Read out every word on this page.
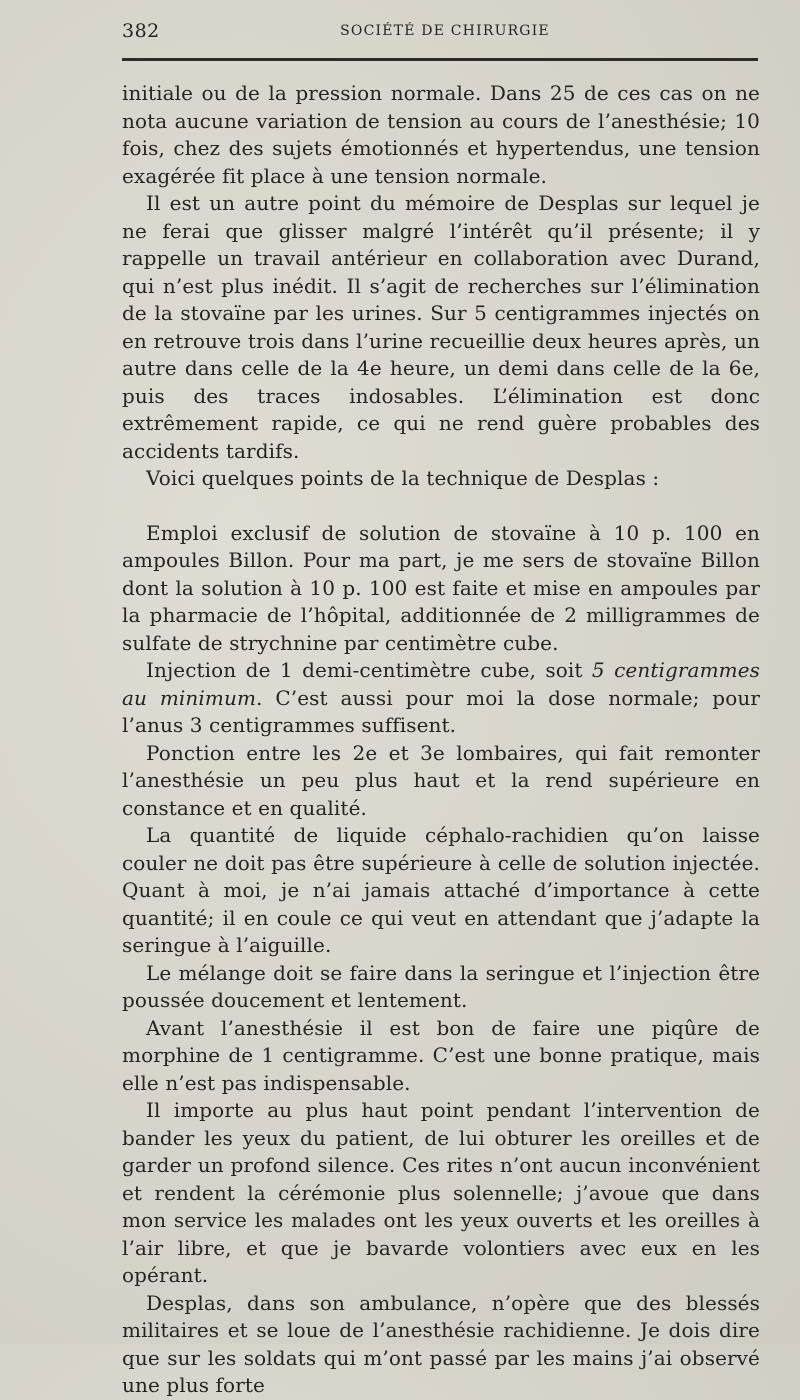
382	SOCIÉTÉ DE CHIRURGIE

initiale ou de la pression normale. Dans 25 de ces cas on ne nota aucune variation de tension au cours de l’anesthésie; 10 fois, chez des sujets émotionnés et hypertendus, une tension exagérée fit place à une tension normale.

Il est un autre point du mémoire de Desplas sur lequel je ne ferai que glisser malgré l’intérêt qu’il présente; il y rappelle un travail antérieur en collaboration avec Durand, qui n’est plus inédit. Il s’agit de recherches sur l’élimination de la stovaïne par les urines. Sur 5 centigrammes injectés on en retrouve trois dans l’urine recueillie deux heures après, un autre dans celle de la 4e heure, un demi dans celle de la 6e, puis des traces indosables. L’élimination est donc extrêmement rapide, ce qui ne rend guère probables des accidents tardifs.

Voici quelques points de la technique de Desplas :

Emploi exclusif de solution de stovaïne à 10 p. 100 en ampoules Billon. Pour ma part, je me sers de stovaïne Billon dont la solution à 10 p. 100 est faite et mise en ampoules par la pharmacie de l’hôpital, additionnée de 2 milligrammes de sulfate de strychnine par centimètre cube.

Injection de 1 demi-centimètre cube, soit 5 centigrammes au minimum. C’est aussi pour moi la dose normale; pour l’anus 3 centigrammes suffisent.

Ponction entre les 2e et 3e lombaires, qui fait remonter l’anesthésie un peu plus haut et la rend supérieure en constance et en qualité.

La quantité de liquide céphalo-rachidien qu’on laisse couler ne doit pas être supérieure à celle de solution injectée. Quant à moi, je n’ai jamais attaché d’importance à cette quantité; il en coule ce qui veut en attendant que j’adapte la seringue à l’aiguille.

Le mélange doit se faire dans la seringue et l’injection être poussée doucement et lentement.

Avant l’anesthésie il est bon de faire une piqûre de morphine de 1 centigramme. C’est une bonne pratique, mais elle n’est pas indispensable.

Il importe au plus haut point pendant l’intervention de bander les yeux du patient, de lui obturer les oreilles et de garder un profond silence. Ces rites n’ont aucun inconvénient et rendent la cérémonie plus solennelle; j’avoue que dans mon service les malades ont les yeux ouverts et les oreilles à l’air libre, et que je bavarde volontiers avec eux en les opérant.

Desplas, dans son ambulance, n’opère que des blessés militaires et se loue de l’anesthésie rachidienne. Je dois dire que sur les soldats qui m’ont passé par les mains j’ai observé une plus forte
